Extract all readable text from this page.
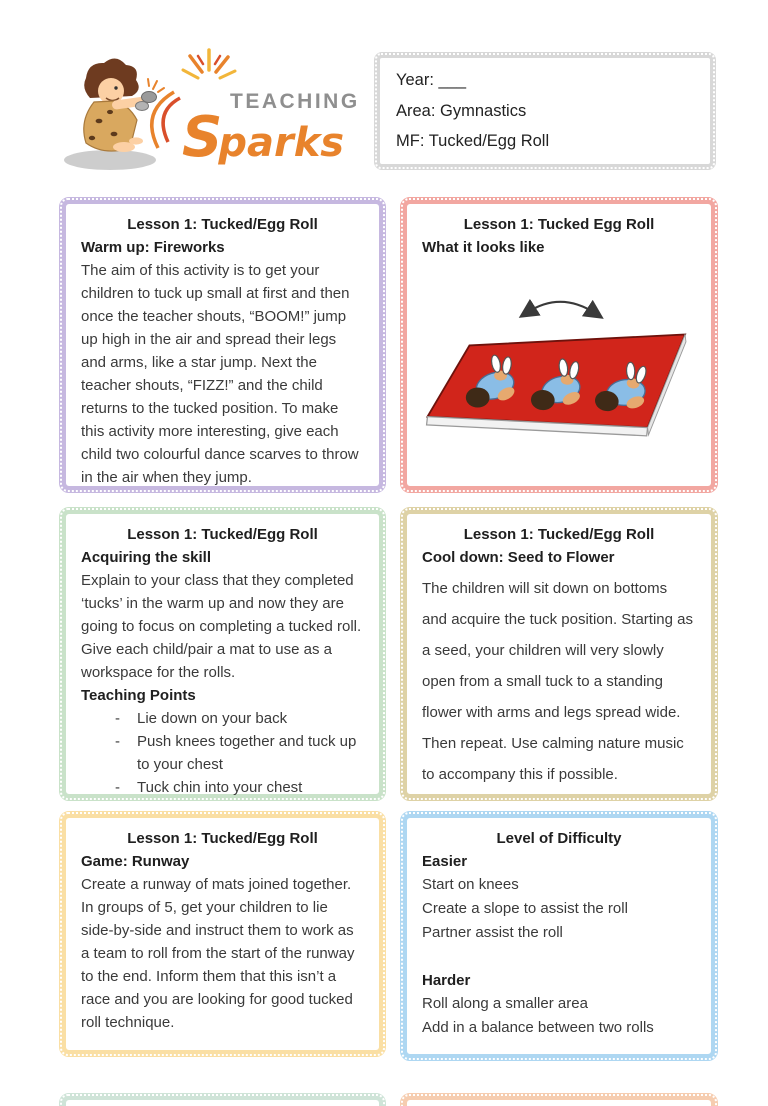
TEACHING
Sparks
Year: ___
Area: Gymnastics
MF: Tucked/Egg Roll
Lesson 1: Tucked/Egg Roll
Warm up: Fireworks
The aim of this activity is to get your children to tuck up small at first and then once the teacher shouts, “BOOM!” jump up high in the air and spread their legs and arms, like a star jump. Next the teacher shouts, “FIZZ!” and the child returns to the tucked position. To make this activity more interesting, give each child two colourful dance scarves to throw in the air when they jump.
Lesson 1: Tucked Egg Roll
What it looks like
Lesson 1: Tucked/Egg Roll
Acquiring the skill
Explain to your class that they completed ‘tucks’ in the warm up and now they are going to focus on completing a tucked roll. Give each child/pair a mat to use as a workspace for the rolls.
Teaching Points
-
Lie down on your back
-
Push knees together and tuck up to your chest
-
Tuck chin into your chest
Lesson 1: Tucked/Egg Roll
Cool down: Seed to Flower
The children will sit down on bottoms and acquire the tuck position. Starting as a seed, your children will very slowly open from a small tuck to a standing flower with arms and legs spread wide. Then repeat. Use calming nature music to accompany this if possible.
Lesson 1: Tucked/Egg Roll
Game: Runway
Create a runway of mats joined together. In groups of 5, get your children to lie side-by-side and instruct them to work as a team to roll from the start of the runway to the end. Inform them that this isn’t a race and you are looking for good tucked roll technique.
Level of Difficulty
Easier
Start on knees
Create a slope to assist the roll
Partner assist the roll
Harder
Roll along a smaller area
Add in a balance between two rolls
